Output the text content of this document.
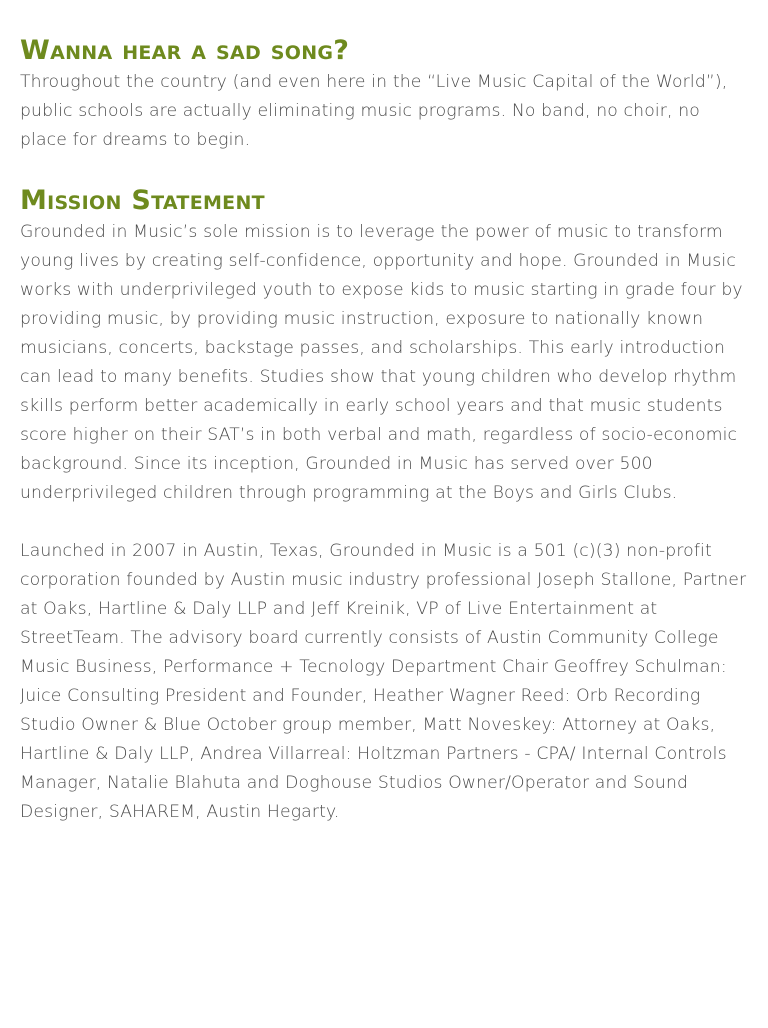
Wanna hear a sad song?

Throughout the country (and even here in the “Live Music Capital of the World”), public schools are actually eliminating music programs. No band, no choir, no place for dreams to begin.

Mission Statement

Grounded in Music’s sole mission is to leverage the power of music to transform young lives by creating self-confidence, opportunity and hope. Grounded in Music works with underprivileged youth to expose kids to music starting in grade four by providing music, by providing music instruction, exposure to nationally known musicians, concerts, backstage passes, and scholarships. This early introduction can lead to many benefits. Studies show that young children who develop rhythm skills perform better academically in early school years and that music students score higher on their SAT’s in both verbal and math, regardless of socio-economic background. Since its inception, Grounded in Music has served over 500 underprivileged children through programming at the Boys and Girls Clubs.

Launched in 2007 in Austin, Texas, Grounded in Music is a 501 (c)(3) non-profit corporation founded by Austin music industry professional Joseph Stallone, Partner at Oaks, Hartline & Daly LLP and Jeff Kreinik, VP of Live Entertainment at StreetTeam. The advisory board currently consists of Austin Community College Music Business, Performance + Tecnology Department Chair Geoffrey Schulman: Juice Consulting President and Founder, Heather Wagner Reed: Orb Recording Studio Owner & Blue October group member, Matt Noveskey: Attorney at Oaks, Hartline & Daly LLP, Andrea Villarreal: Holtzman Partners - CPA/ Internal Controls Manager, Natalie Blahuta and Doghouse Studios Owner/Operator and Sound Designer, SAHAREM, Austin Hegarty.
